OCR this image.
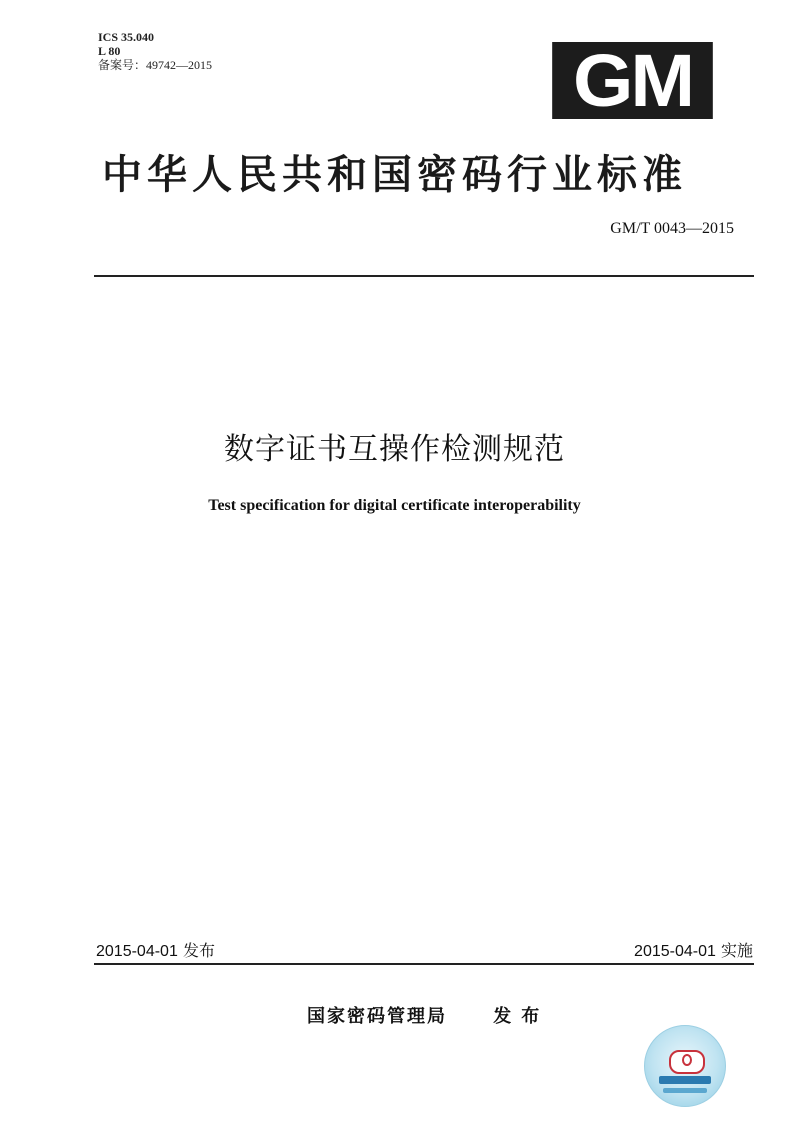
ICS 35.040
L 80
备案号：49742—2015	GM
中华人民共和国密码行业标准
GM/T 0043—2015
数字证书互操作检测规范
Test specification for digital certificate interoperability
2015-04-01 发布	2015-04-01 实施
国家密码管理局	发布
